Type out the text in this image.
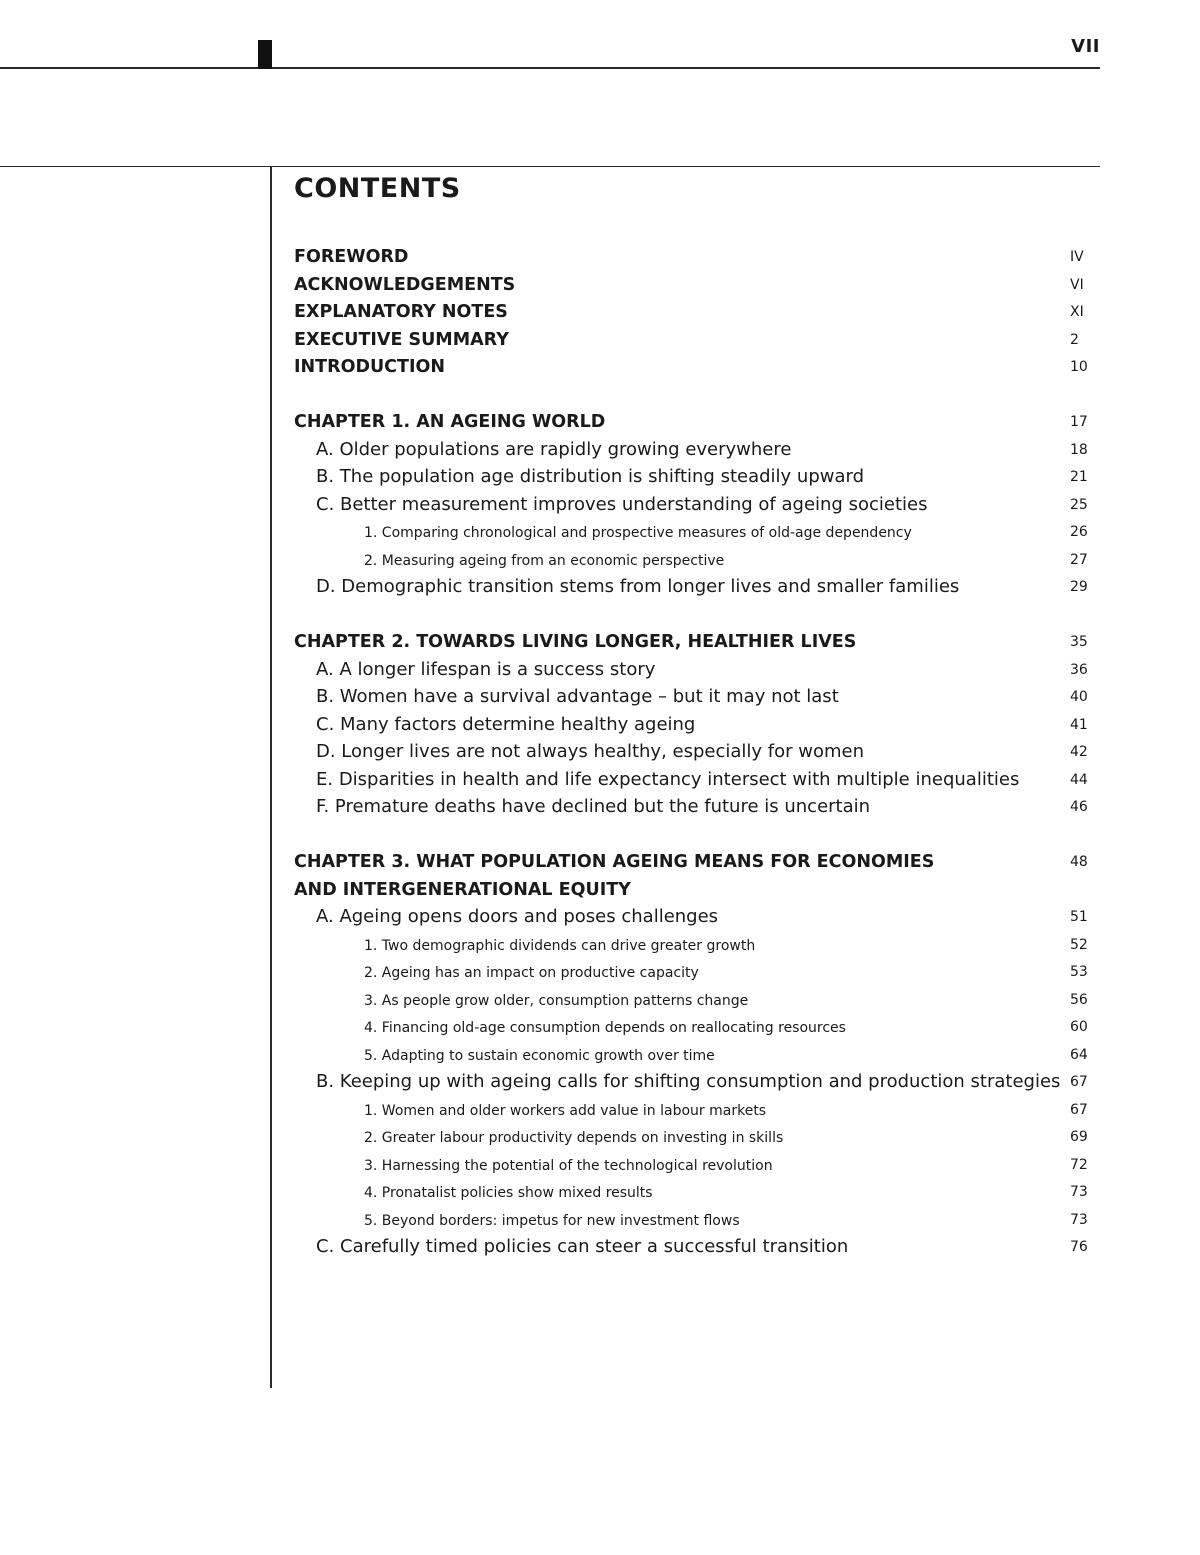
VII
CONTENTS
FOREWORD	IV
ACKNOWLEDGEMENTS	VI
EXPLANATORY NOTES	XI
EXECUTIVE SUMMARY	2
INTRODUCTION	10
CHAPTER 1. AN AGEING WORLD	17
A. Older populations are rapidly growing everywhere	18
B. The population age distribution is shifting steadily upward	21
C. Better measurement improves understanding of ageing societies	25
1. Comparing chronological and prospective measures of old-age dependency	26
2. Measuring ageing from an economic perspective	27
D. Demographic transition stems from longer lives and smaller families	29
CHAPTER 2. TOWARDS LIVING LONGER, HEALTHIER LIVES	35
A. A longer lifespan is a success story	36
B. Women have a survival advantage – but it may not last	40
C. Many factors determine healthy ageing	41
D. Longer lives are not always healthy, especially for women	42
E. Disparities in health and life expectancy intersect with multiple inequalities	44
F. Premature deaths have declined but the future is uncertain	46
CHAPTER 3. WHAT POPULATION AGEING MEANS FOR ECONOMIES	48
AND INTERGENERATIONAL EQUITY
A. Ageing opens doors and poses challenges	51
1. Two demographic dividends can drive greater growth	52
2. Ageing has an impact on productive capacity	53
3. As people grow older, consumption patterns change	56
4. Financing old-age consumption depends on reallocating resources	60
5. Adapting to sustain economic growth over time	64
B. Keeping up with ageing calls for shifting consumption and production strategies 67
1. Women and older workers add value in labour markets	67
2. Greater labour productivity depends on investing in skills	69
3. Harnessing the potential of the technological revolution	72
4. Pronatalist policies show mixed results	73
5. Beyond borders: impetus for new investment flows	73
C. Carefully timed policies can steer a successful transition	76
